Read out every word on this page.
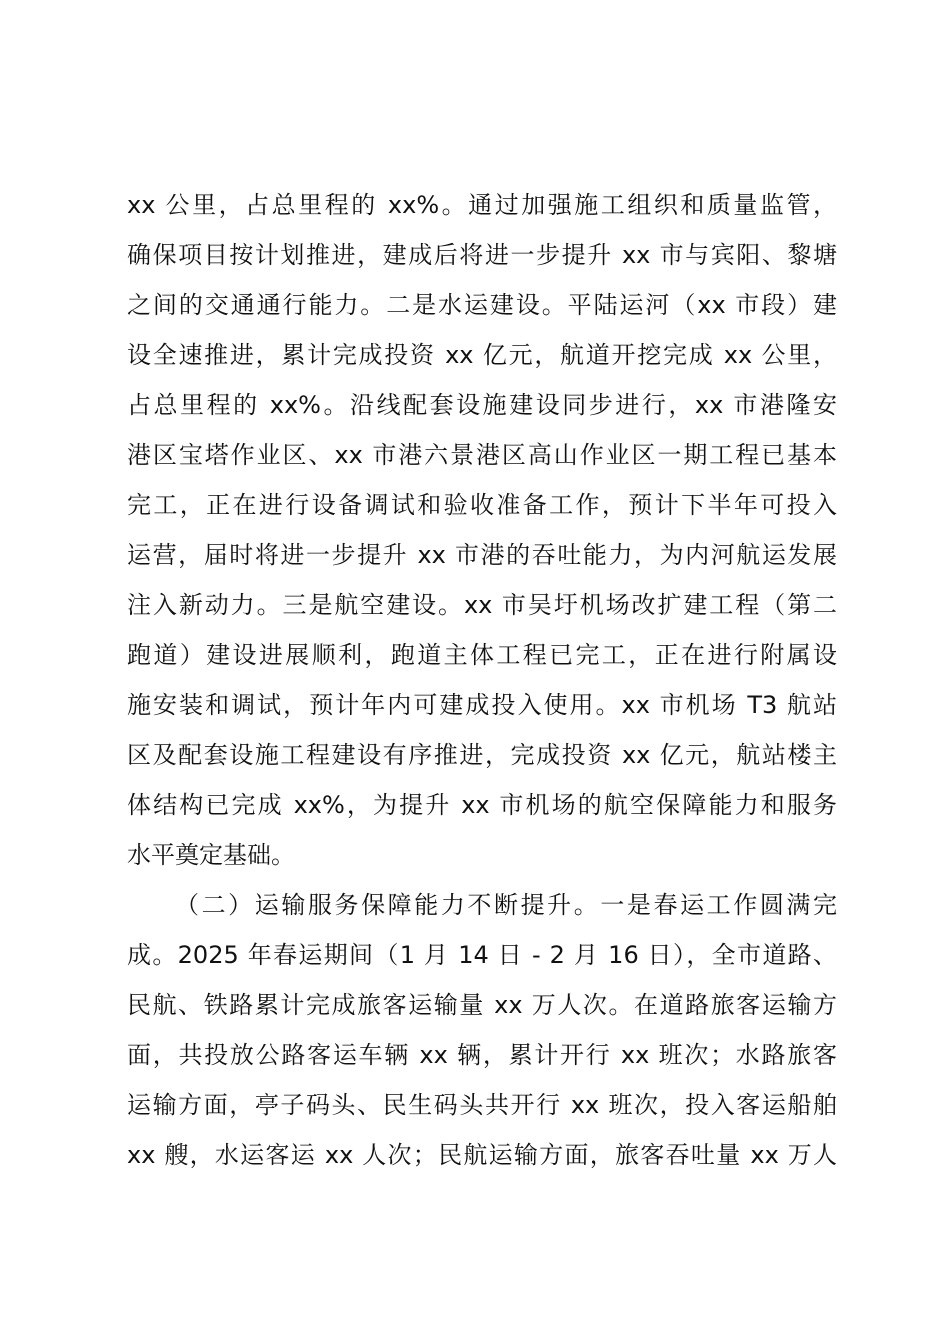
xx 公里，占总里程的 xx%。通过加强施工组织和质量监管，
确保项目按计划推进，建成后将进一步提升 xx 市与宾阳、黎塘
之间的交通通行能力。二是水运建设。平陆运河（xx 市段）建
设全速推进，累计完成投资 xx 亿元，航道开挖完成 xx 公里，
占总里程的 xx%。沿线配套设施建设同步进行，xx 市港隆安
港区宝塔作业区、xx 市港六景港区高山作业区一期工程已基本
完工，正在进行设备调试和验收准备工作，预计下半年可投入
运营，届时将进一步提升 xx 市港的吞吐能力，为内河航运发展
注入新动力。三是航空建设。xx 市吴圩机场改扩建工程（第二
跑道）建设进展顺利，跑道主体工程已完工，正在进行附属设
施安装和调试，预计年内可建成投入使用。xx 市机场 T3 航站
区及配套设施工程建设有序推进，完成投资 xx 亿元，航站楼主
体结构已完成 xx%，为提升 xx 市机场的航空保障能力和服务
水平奠定基础。
（二）运输服务保障能力不断提升。一是春运工作圆满完
成。2025 年春运期间（1 月 14 日 - 2 月 16 日），全市道路、
民航、铁路累计完成旅客运输量 xx 万人次。在道路旅客运输方
面，共投放公路客运车辆 xx 辆，累计开行 xx 班次；水路旅客
运输方面，亭子码头、民生码头共开行 xx 班次，投入客运船舶
xx 艘，水运客运 xx 人次；民航运输方面，旅客吞吐量 xx 万人
